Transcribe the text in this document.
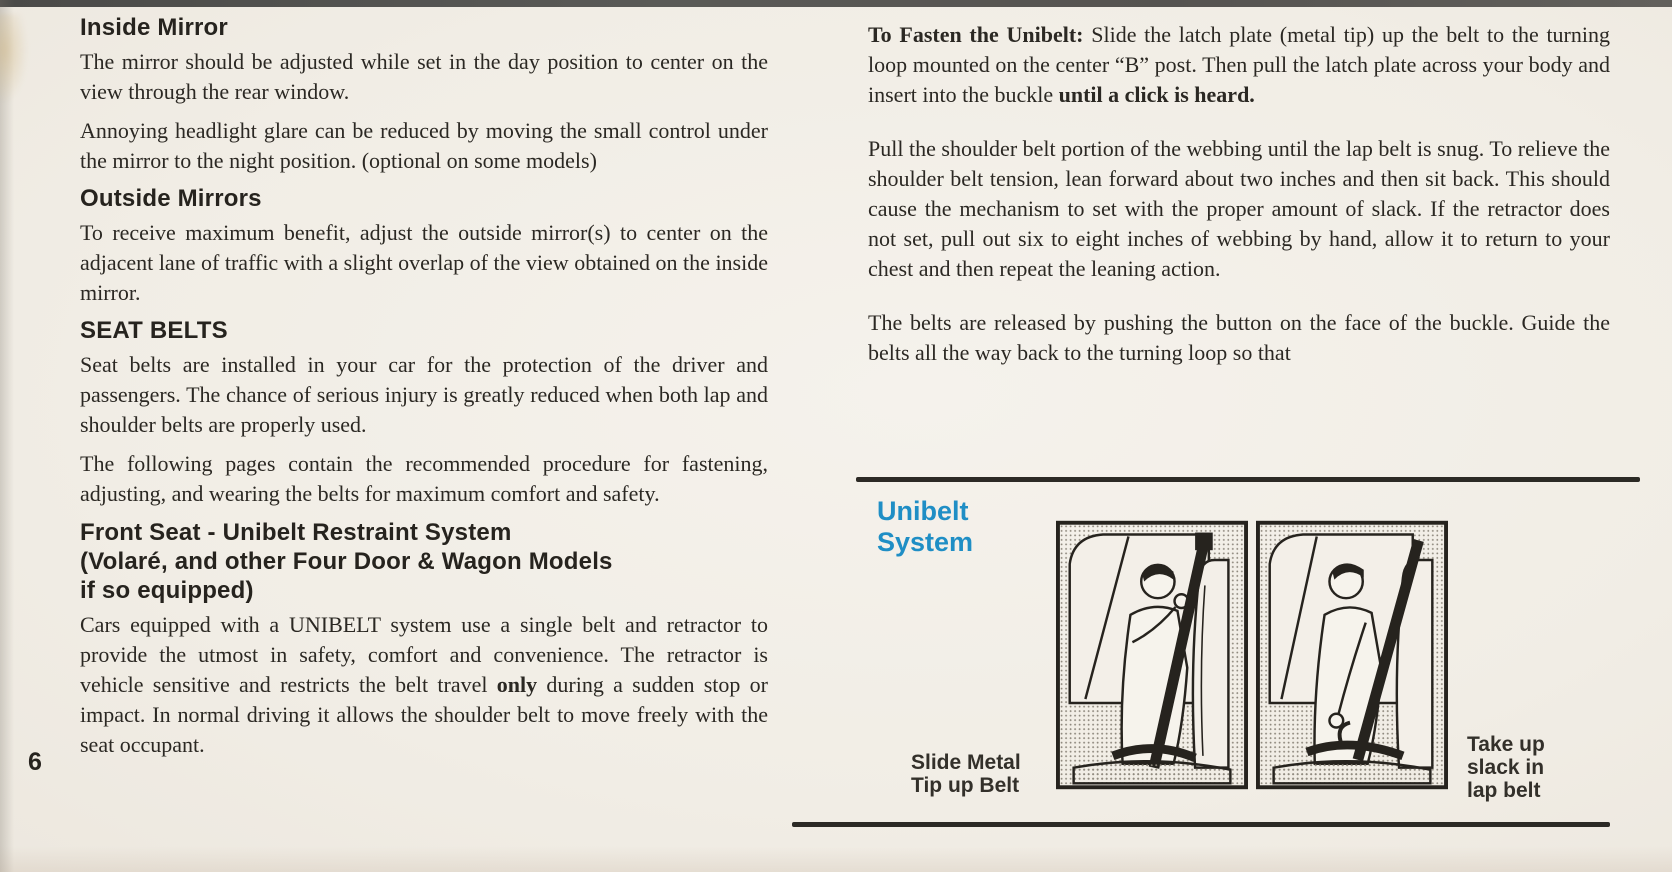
6
Inside Mirror

The mirror should be adjusted while set in the day position to center on the view through the rear window.

Annoying headlight glare can be reduced by moving the small control under the mirror to the night position. (optional on some models)

Outside Mirrors

To receive maximum benefit, adjust the outside mirror(s) to center on the adjacent lane of traffic with a slight overlap of the view obtained on the inside mirror.

SEAT BELTS

Seat belts are installed in your car for the protection of the driver and passengers. The chance of serious injury is greatly reduced when both lap and shoulder belts are properly used.

The following pages contain the recommended procedure for fastening, adjusting, and wearing the belts for maximum comfort and safety.

Front Seat - Unibelt Restraint System
(Volaré, and other Four Door & Wagon Models
if so equipped)

Cars equipped with a UNIBELT system use a single belt and retractor to provide the utmost in safety, comfort and convenience. The retractor is vehicle sensitive and restricts the belt travel only during a sudden stop or impact. In normal driving it allows the shoulder belt to move freely with the seat occupant.

To Fasten the Unibelt: Slide the latch plate (metal tip) up the belt to the turning loop mounted on the center “B” post. Then pull the latch plate across your body and insert into the buckle until a click is heard.

Pull the shoulder belt portion of the webbing until the lap belt is snug. To relieve the shoulder belt tension, lean forward about two inches and then sit back. This should cause the mechanism to set with the proper amount of slack. If the retractor does not set, pull out six to eight inches of webbing by hand, allow it to return to your chest and then repeat the leaning action.

The belts are released by pushing the button on the face of the buckle. Guide the belts all the way back to the turning loop so that

Unibelt
System
Slide Metal
Tip up Belt
Take up
slack in
lap belt
